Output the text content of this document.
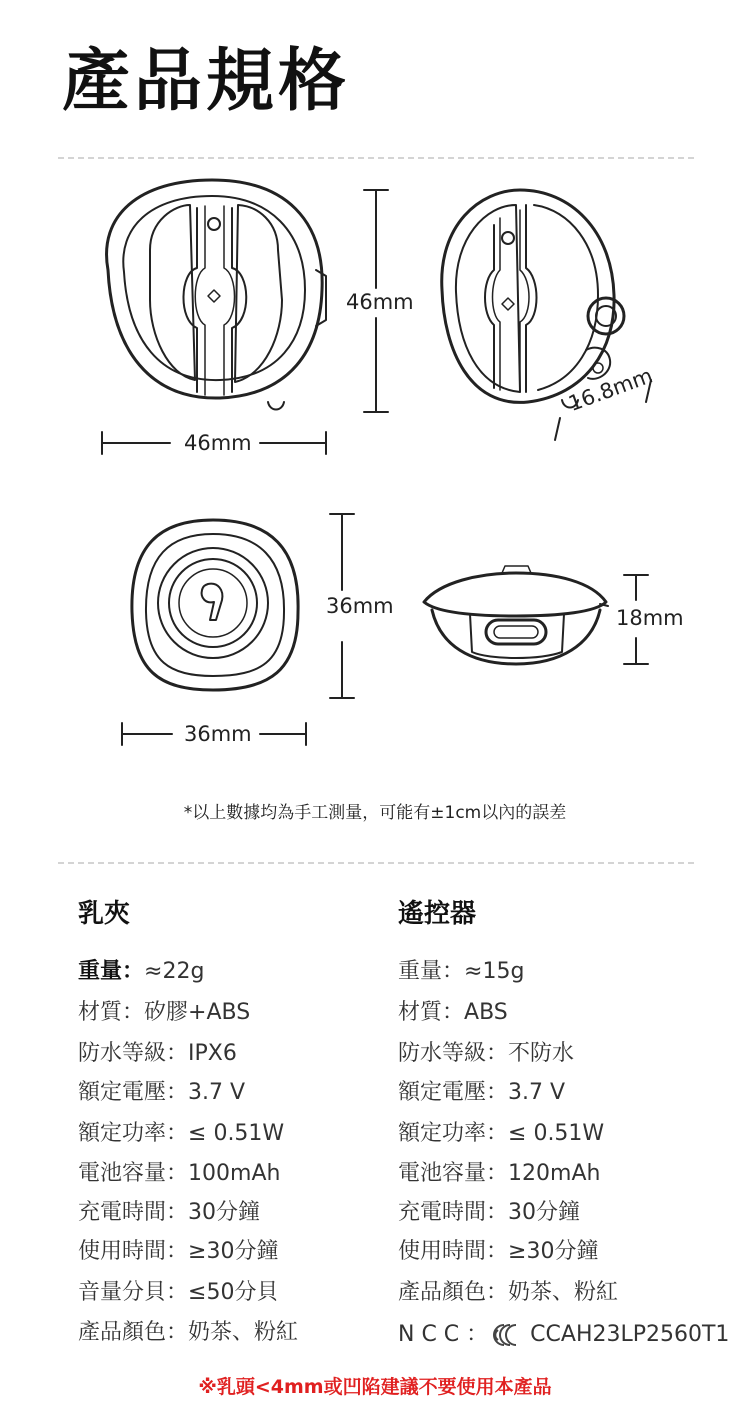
產品規格
46mm
46mm
16.8mm
36mm
36mm
18mm
*以上數據均為手工測量，可能有±1cm以內的誤差
乳夾	遙控器
重量：≈22g
材質：矽膠+ABS
防水等級：IPX6
額定電壓：3.7 V
額定功率：≤ 0.51W
電池容量：100mAh
充電時間：30分鐘
使用時間：≥30分鐘
音量分貝：≤50分貝
產品顏色：奶茶、粉紅
重量：≈15g
材質：ABS
防水等級：不防水
額定電壓：3.7 V
額定功率：≤ 0.51W
電池容量：120mAh
充電時間：30分鐘
使用時間：≥30分鐘
產品顏色：奶茶、粉紅
N C C ： CCAH23LP2560T1
※乳頭<4mm或凹陷建議不要使用本產品
